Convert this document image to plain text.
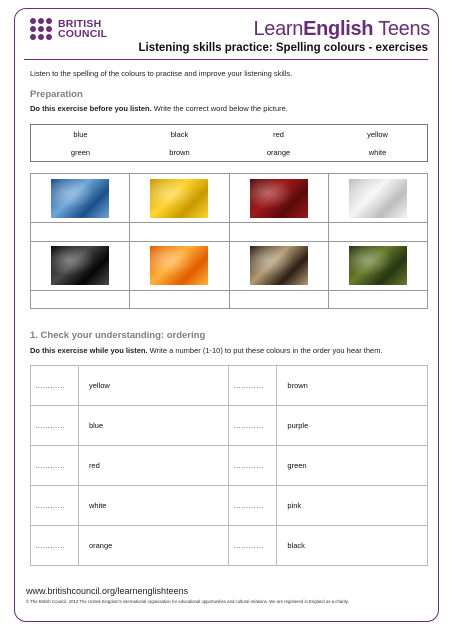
BRITISH
COUNCIL	LearnEnglish Teens
Listening skills practice: Spelling colours - exercises
Listen to the spelling of the colours to practise and improve your listening skills.
Preparation
Do this exercise before you listen. Write the correct word below the picture.
blue	black	red	yellow
green	brown	orange	white

1. Check your understanding: ordering
Do this exercise while you listen. Write a number (1-10) to put these colours in the order you hear them.
…………	yellow	…………	brown
…………	blue	…………	purple
…………	red	…………	green
…………	white	…………	pink
…………	orange	…………	black
www.britishcouncil.org/learnenglishteens
© The British Council, 2012 The United Kingdom’s international organisation for educational opportunities and cultural relations. We are registered in England as a charity.
